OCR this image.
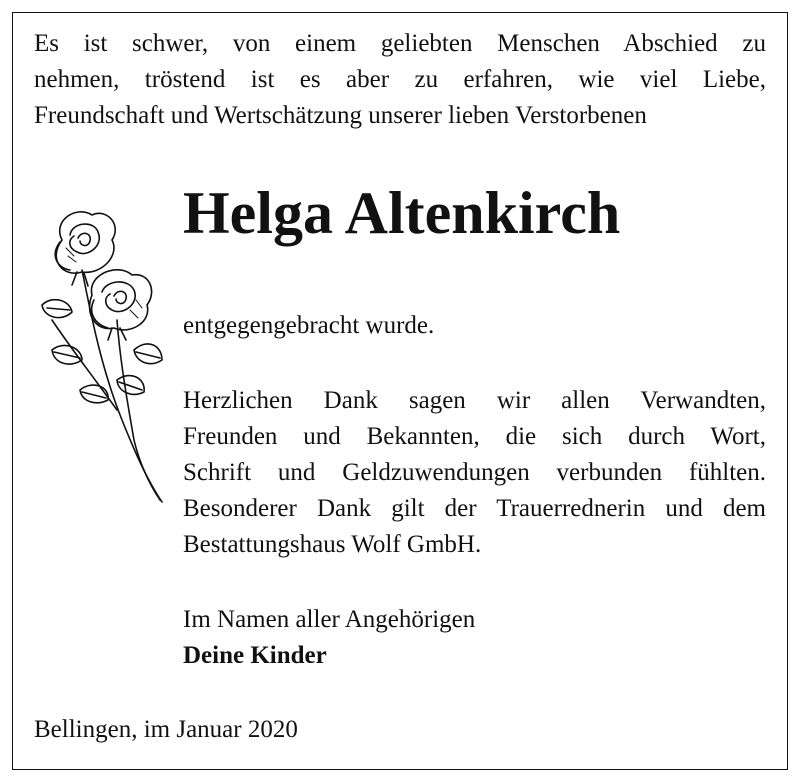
Es ist schwer, von einem geliebten Menschen Abschied zu
nehmen, tröstend ist es aber zu erfahren, wie viel Liebe,
Freundschaft und Wertschätzung unserer lieben Verstorbenen

Helga Altenkirch

entgegengebracht wurde.

Herzlichen Dank sagen wir allen Verwandten,
Freunden und Bekannten, die sich durch Wort,
Schrift und Geldzuwendungen verbunden fühlten.
Besonderer Dank gilt der Trauerrednerin und dem
Bestattungshaus Wolf GmbH.

Im Namen aller Angehörigen
Deine Kinder

Bellingen, im Januar 2020
